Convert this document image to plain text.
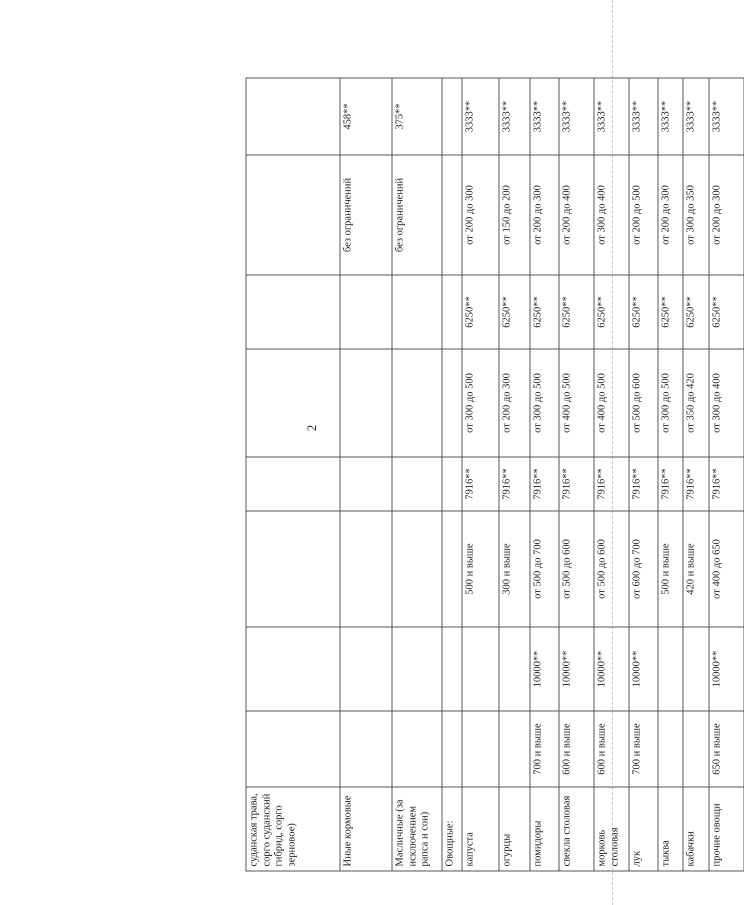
2
суданская трава, сорго суданский гибрид, сорго зерновое)								
Иные кормовые							без ограничений	458**
Масличные (за исключением рапса и сои)							без ограничений	375**
Овощные:								
капуста			500 и выше	7916**	от 300 до 500	6250**	от 200 до 300	3333**
огурцы			300 и выше	7916**	от 200 до 300	6250**	от 150 до 200	3333**
помидоры	700 и выше	10000**	от 500 до 700	7916**	от 300 до 500	6250**	от 200 до 300	3333**
свекла столовая	600 и выше	10000**	от 500 до 600	7916**	от 400 до 500	6250**	от 200 до 400	3333**
морковь столовая	600 и выше	10000**	от 500 до 600	7916**	от 400 до 500	6250**	от 300 до 400	3333**
лук	700 и выше	10000**	от 600 до 700	7916**	от 500 до 600	6250**	от 200 до 500	3333**
тыква			500 и выше	7916**	от 300 до 500	6250**	от 200 до 300	3333**
кабачки			420 и выше	7916**	от 350 до 420	6250**	от 300 до 350	3333**
прочие овощи	650 и выше	10000**	от 400 до 650	7916**	от 300 до 400	6250**	от 200 до 300	3333**
